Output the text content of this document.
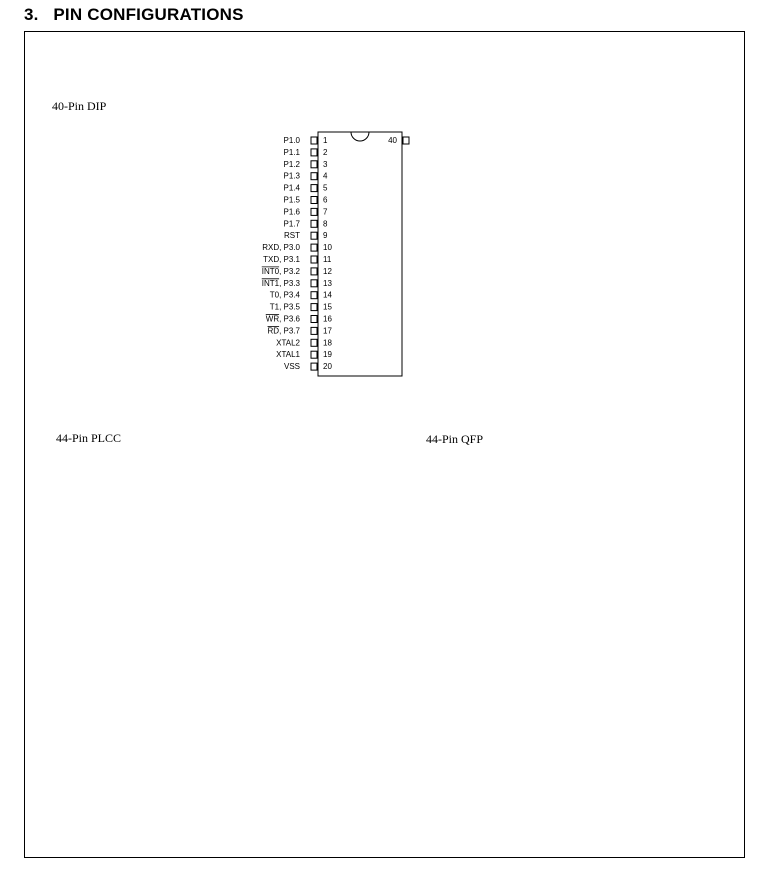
3. PIN CONFIGURATIONS
40-Pin DIP
44-Pin PLCC	44-Pin QFP
1
P1.0
2
P1.1
3
P1.2
4
P1.3
5
P1.4
6
P1.5
7
P1.6
8
P1.7
9
RST
10
RXD, P3.0
11
TXD, P3.1
12
INT0, P3.2
13
INT1, P3.3
14
T0, P3.4
15
T1, P3.5
16
WR, P3.6
17
RD, P3.7
18
XTAL2
19
XTAL1
20
VSS
40
